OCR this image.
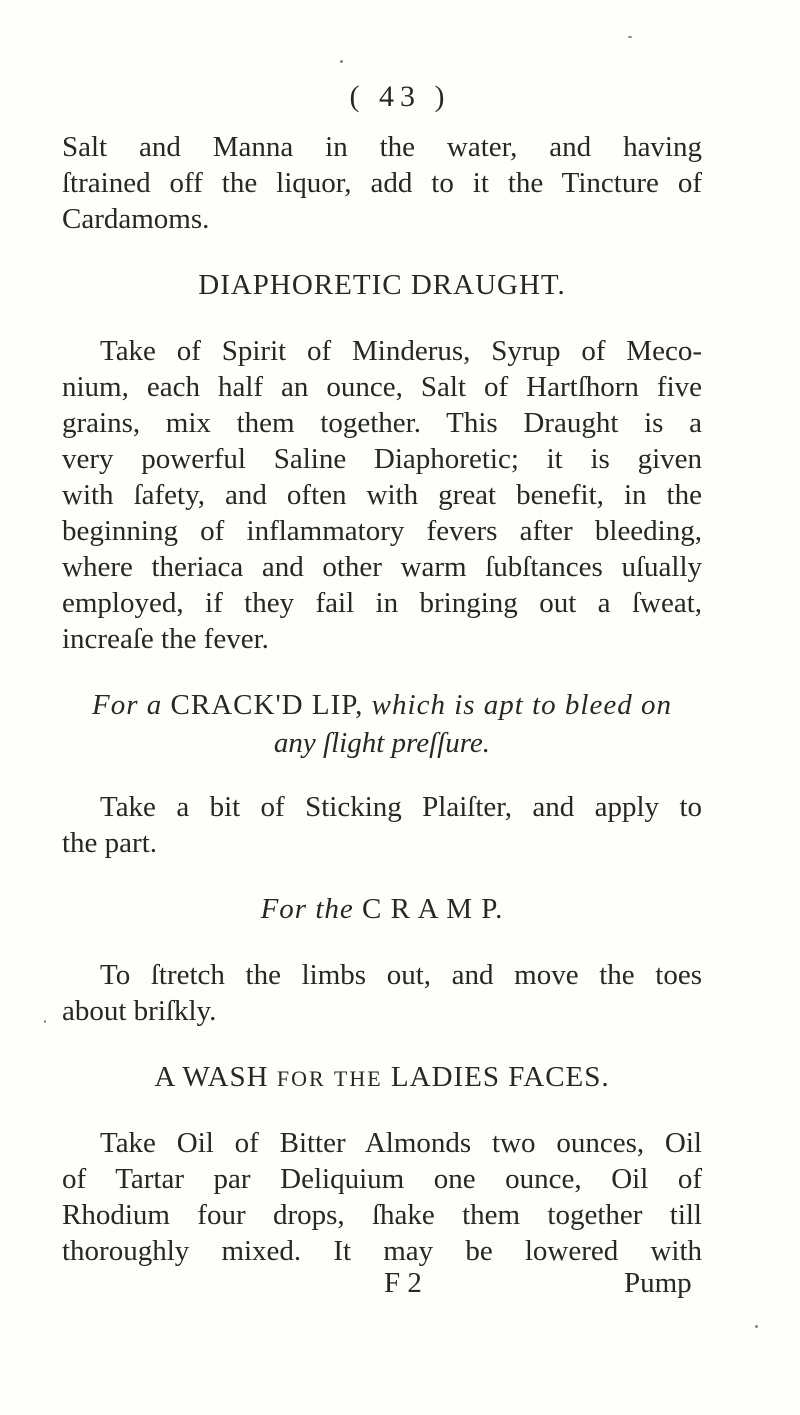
( 43 )
Salt and Manna in the water, and having
ſtrained off the liquor, add to it the Tincture of
Cardamoms.
DIAPHORETIC DRAUGHT.
Take of Spirit of Minderus, Syrup of Meco-
nium, each half an ounce, Salt of Hartſhorn five
grains, mix them together. This Draught is a
very powerful Saline Diaphoretic; it is given
with ſafety, and often with great benefit, in the
beginning of inflammatory fevers after bleeding,
where theriaca and other warm ſubſtances uſually
employed, if they fail in bringing out a ſweat,
increaſe the fever.
For a CRACK'D LIP, which is apt to bleed on
any ſlight preſſure.
Take a bit of Sticking Plaiſter, and apply to
the part.
For the C R A M P.
To ſtretch the limbs out, and move the toes
about briſkly.
A WASH FOR THE LADIES FACES.
Take Oil of Bitter Almonds two ounces, Oil
of Tartar par Deliquium one ounce, Oil of
Rhodium four drops, ſhake them together till
thoroughly mixed. It may be lowered with
F 2	Pump
